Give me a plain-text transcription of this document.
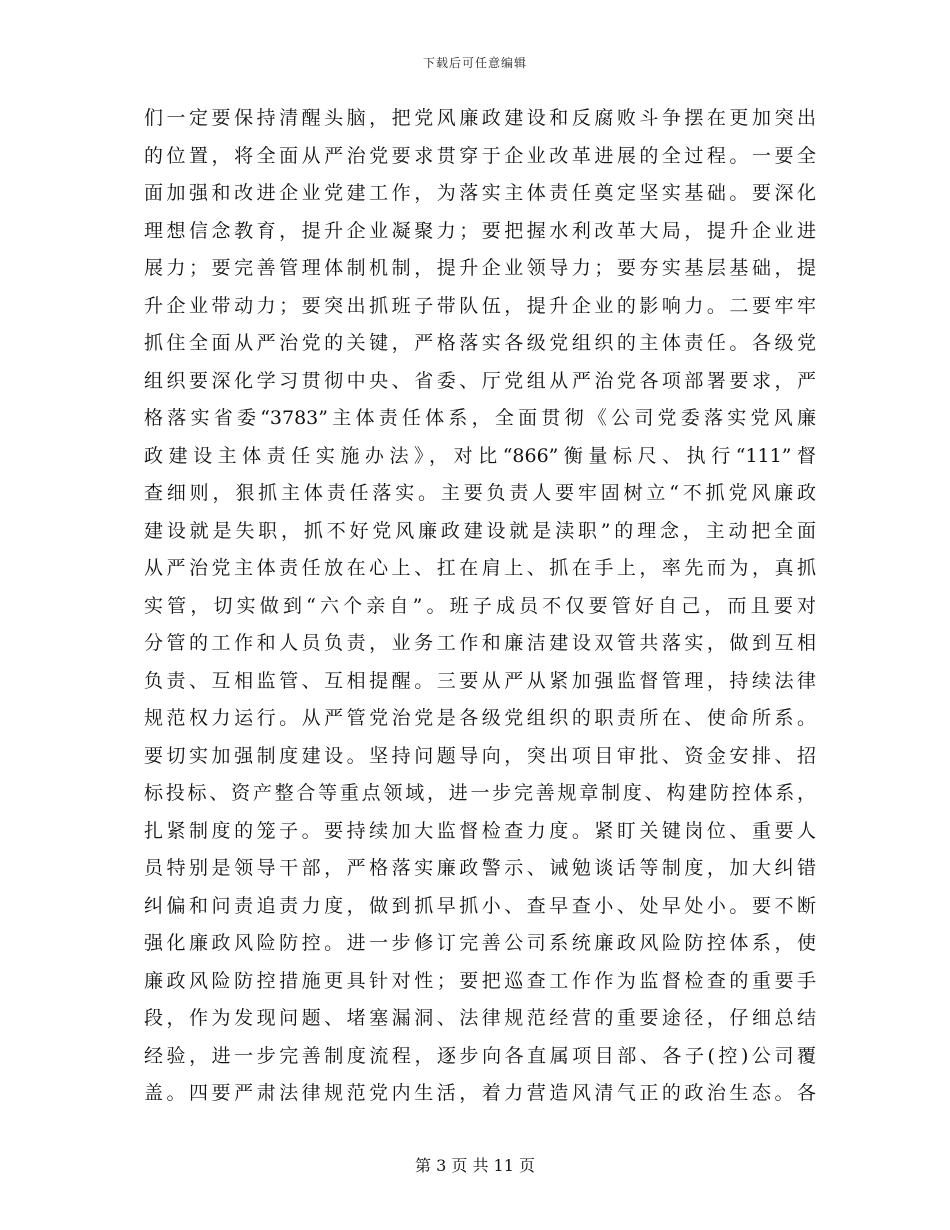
下载后可任意编辑
们一定要保持清醒头脑，把党风廉政建设和反腐败斗争摆在更加突出
的位置，将全面从严治党要求贯穿于企业改革进展的全过程。一要全
面加强和改进企业党建工作，为落实主体责任奠定坚实基础。要深化
理想信念教育，提升企业凝聚力；要把握水利改革大局，提升企业进
展力；要完善管理体制机制，提升企业领导力；要夯实基层基础，提
升企业带动力；要突出抓班子带队伍，提升企业的影响力。二要牢牢
抓住全面从严治党的关键，严格落实各级党组织的主体责任。各级党
组织要深化学习贯彻中央、省委、厅党组从严治党各项部署要求，严
格落实省委“3783”主体责任体系，全面贯彻《公司党委落实党风廉
政建设主体责任实施办法》，对比“866”衡量标尺、执行“111”督
查细则，狠抓主体责任落实。主要负责人要牢固树立“不抓党风廉政
建设就是失职，抓不好党风廉政建设就是渎职”的理念，主动把全面
从严治党主体责任放在心上、扛在肩上、抓在手上，率先而为，真抓
实管，切实做到“六个亲自”。班子成员不仅要管好自己，而且要对
分管的工作和人员负责，业务工作和廉洁建设双管共落实，做到互相
负责、互相监管、互相提醒。三要从严从紧加强监督管理，持续法律
规范权力运行。从严管党治党是各级党组织的职责所在、使命所系。
要切实加强制度建设。坚持问题导向，突出项目审批、资金安排、招
标投标、资产整合等重点领域，进一步完善规章制度、构建防控体系，
扎紧制度的笼子。要持续加大监督检查力度。紧盯关键岗位、重要人
员特别是领导干部，严格落实廉政警示、诫勉谈话等制度，加大纠错
纠偏和问责追责力度，做到抓早抓小、查早查小、处早处小。要不断
强化廉政风险防控。进一步修订完善公司系统廉政风险防控体系，使
廉政风险防控措施更具针对性；要把巡查工作作为监督检查的重要手
段，作为发现问题、堵塞漏洞、法律规范经营的重要途径，仔细总结
经验，进一步完善制度流程，逐步向各直属项目部、各子(控)公司覆
盖。四要严肃法律规范党内生活，着力营造风清气正的政治生态。各
第 3 页 共 11 页
